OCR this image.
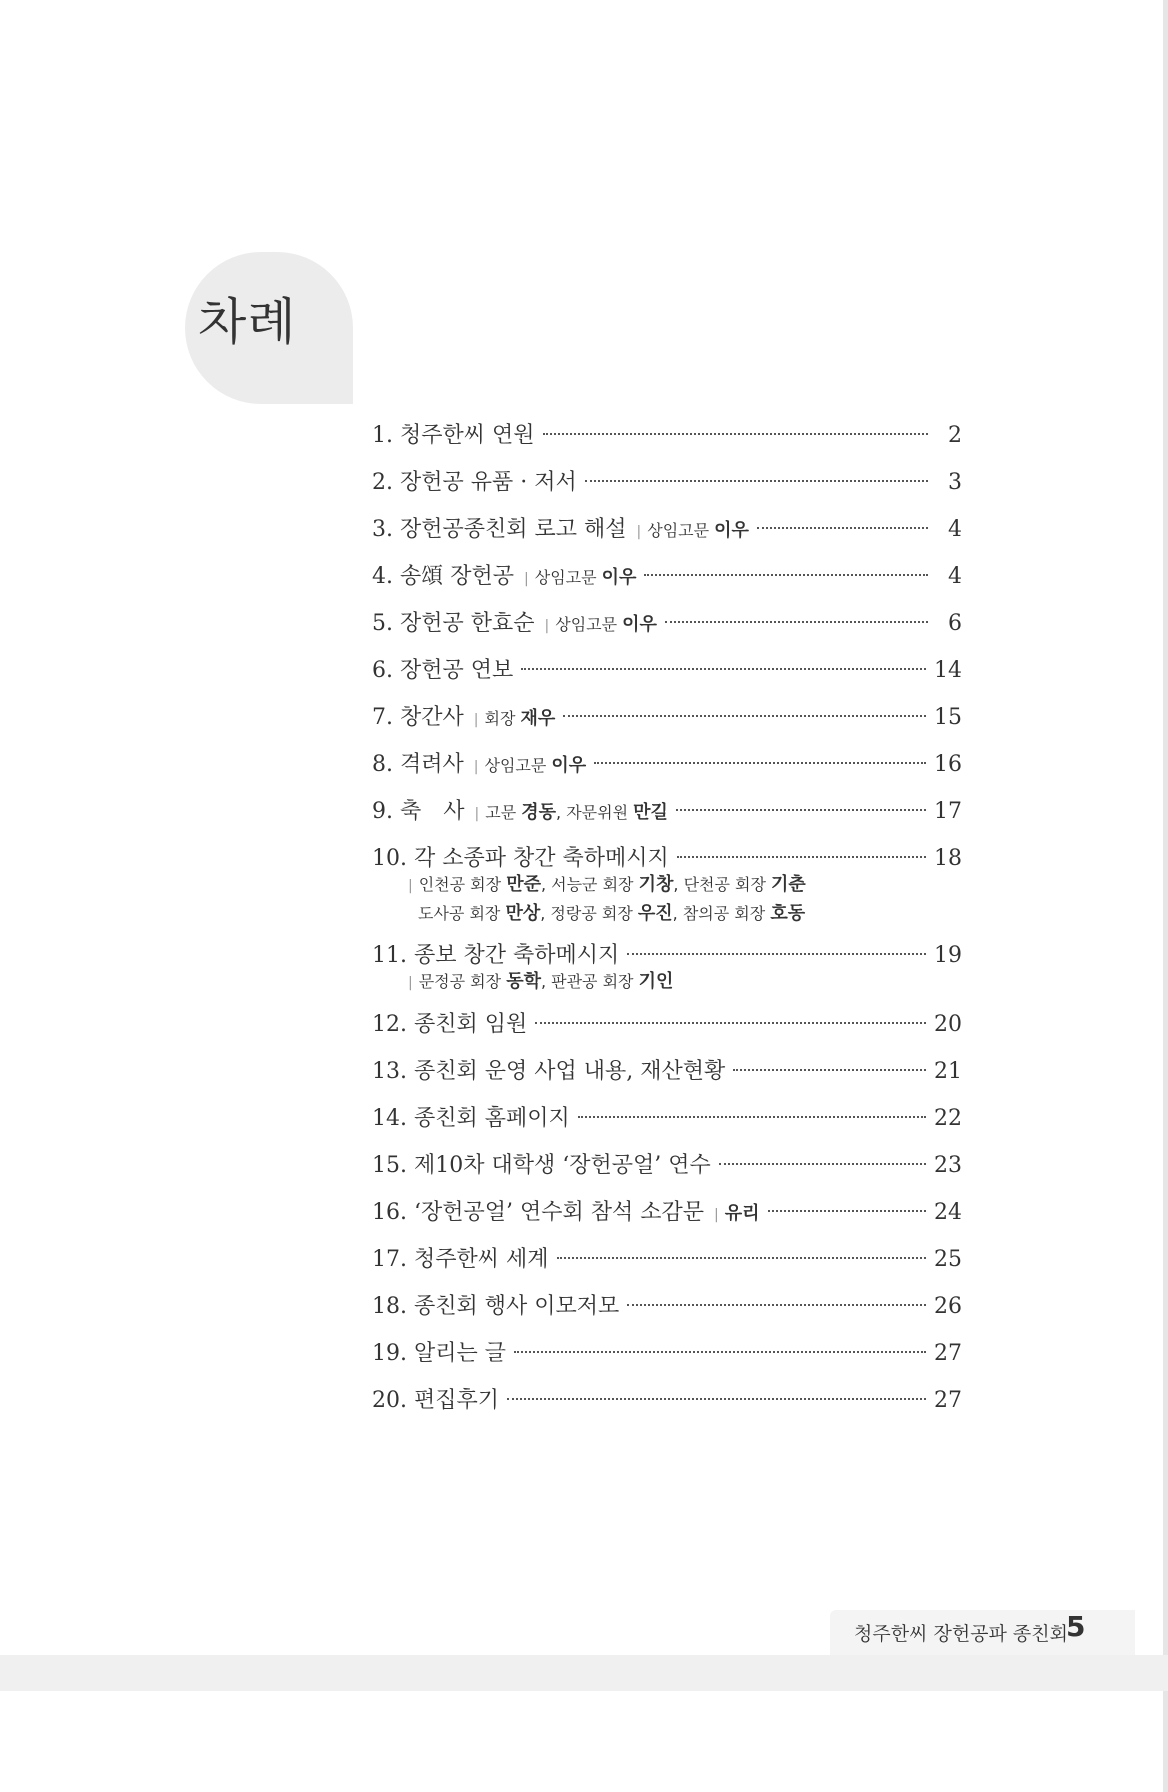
차례
1.
청주한씨 연원	2
2.
장헌공 유품 · 저서	3
3.
장헌공종친회 로고 해설 | 상임고문 이우	4
4.
송頌 장헌공 | 상임고문 이우	4
5.
장헌공 한효순 | 상임고문 이우	6
6.
장헌공 연보	14
7.
창간사 | 회장 재우	15
8.
격려사 | 상임고문 이우	16
9.
축　사 | 고문 경동, 자문위원 만길	17
10.
각 소종파 창간 축하메시지	18
| 인천공 회장 만준, 서능군 회장 기창, 단천공 회장 기춘
도사공 회장 만상, 정랑공 회장 우진, 참의공 회장 호동
11.
종보 창간 축하메시지	19
| 문정공 회장 동학, 판관공 회장 기인
12.
종친회 임원	20
13.
종친회 운영 사업 내용, 재산현황	21
14.
종친회 홈페이지	22
15.
제10차 대학생 ‘장헌공얼’ 연수	23
16.
‘장헌공얼’ 연수회 참석 소감문 | 유리	24
17.
청주한씨 세계	25
18.
종친회 행사 이모저모	26
19.
알리는 글	27
20.
편집후기	27
청주한씨 장헌공파 종친회
5
